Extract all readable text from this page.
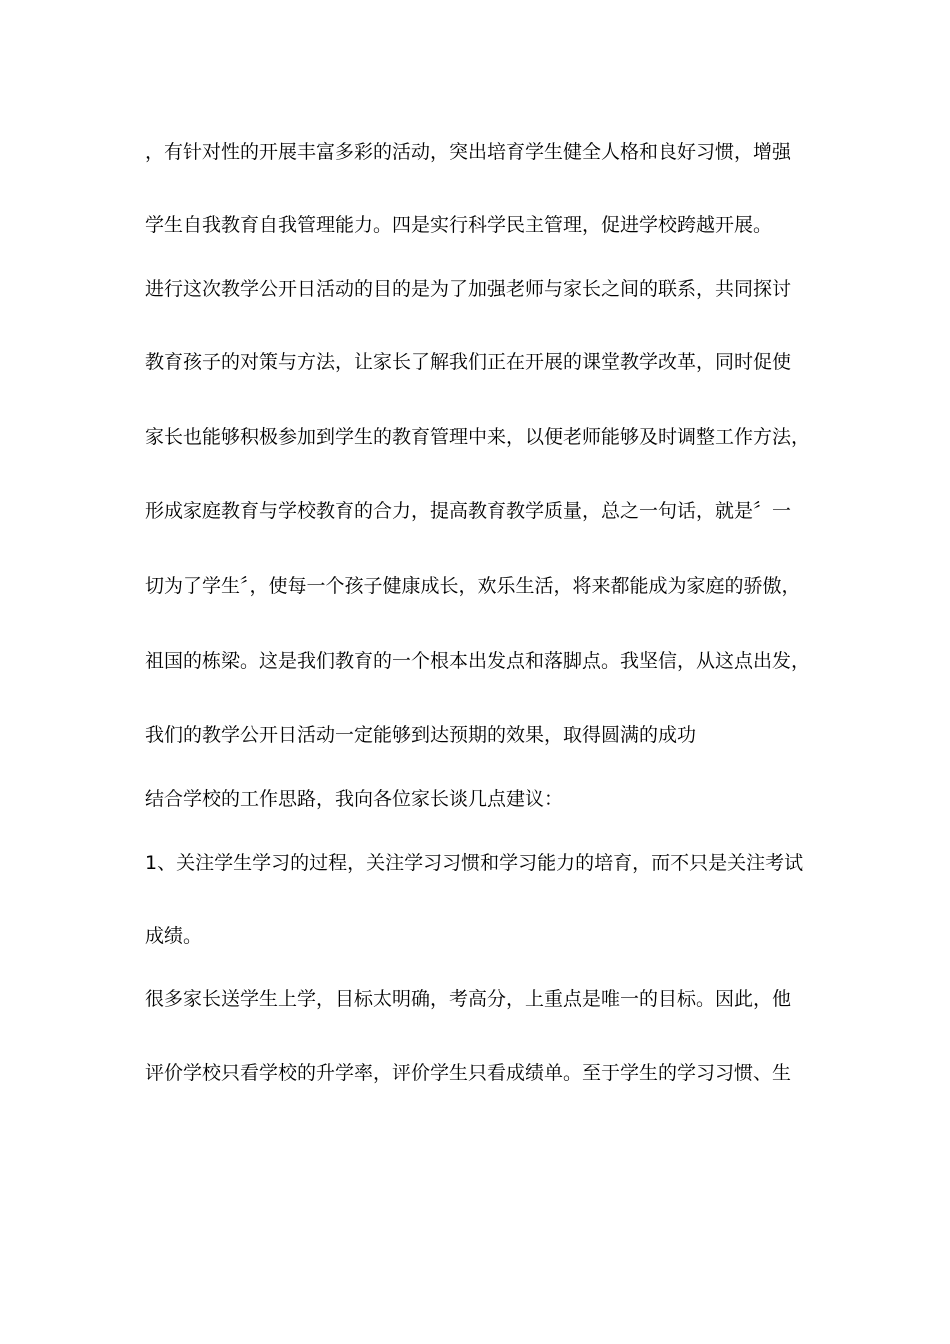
，有针对性的开展丰富多彩的活动，突出培育学生健全人格和良好习惯，增强

学生自我教育自我管理能力。四是实行科学民主管理，促进学校跨越开展。

进行这次教学公开日活动的目的是为了加强老师与家长之间的联系，共同探讨

教育孩子的对策与方法，让家长了解我们正在开展的课堂教学改革，同时促使

家长也能够积极参加到学生的教育管理中来，以便老师能够及时调整工作方法，

形成家庭教育与学校教育的合力，提高教育教学质量，总之一句话，就是〞一

切为了学生〞，使每一个孩子健康成长，欢乐生活，将来都能成为家庭的骄傲，

祖国的栋梁。这是我们教育的一个根本出发点和落脚点。我坚信，从这点出发，

我们的教学公开日活动一定能够到达预期的效果，取得圆满的成功

结合学校的工作思路，我向各位家长谈几点建议：

1、关注学生学习的过程，关注学习习惯和学习能力的培育，而不只是关注考试

成绩。

很多家长送学生上学，目标太明确，考高分，上重点是唯一的目标。因此，他

评价学校只看学校的升学率，评价学生只看成绩单。至于学生的学习习惯、生
